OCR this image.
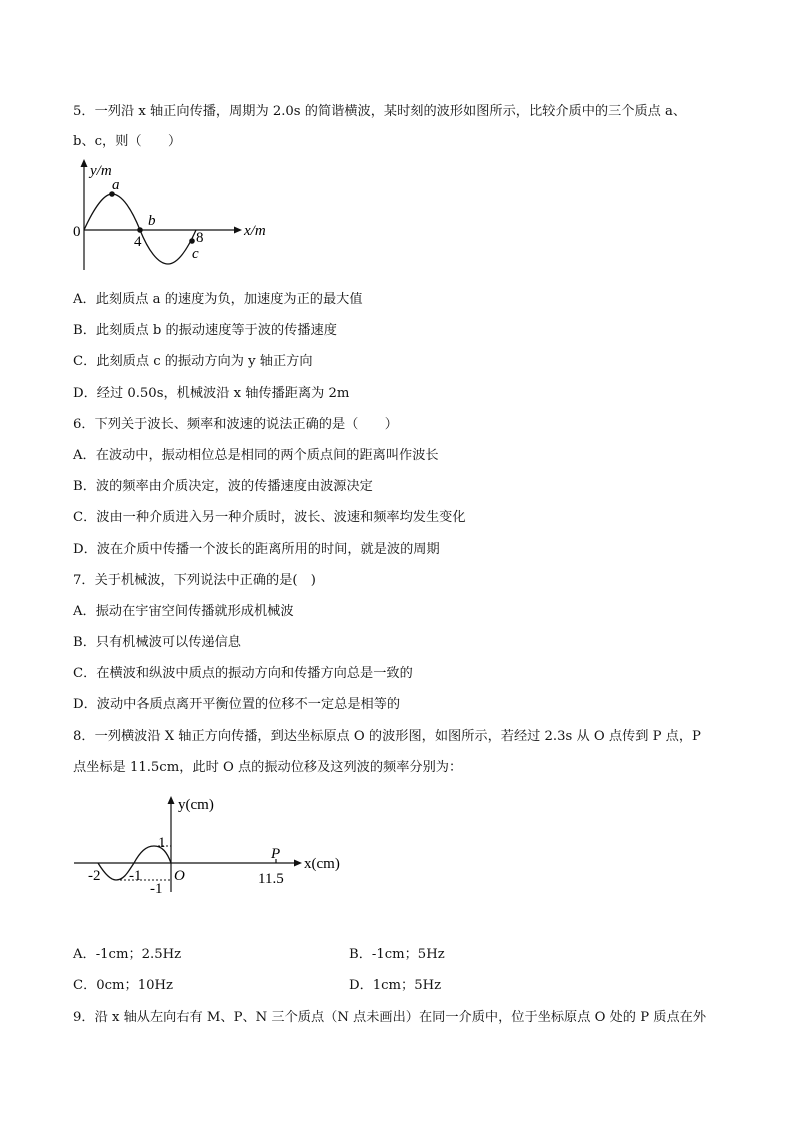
5．一列沿 x 轴正向传播，周期为 2.0s 的简谐横波，某时刻的波形如图所示，比较介质中的三个质点 a、
b、c，则（　　）
y/m
a
b
c
0
4	8	x/m
A．此刻质点 a 的速度为负，加速度为正的最大值
B．此刻质点 b 的振动速度等于波的传播速度
C．此刻质点 c 的振动方向为 y 轴正方向
D．经过 0.50s，机械波沿 x 轴传播距离为 2m
6．下列关于波长、频率和波速的说法正确的是（　　）
A．在波动中，振动相位总是相同的两个质点间的距离叫作波长
B．波的频率由介质决定，波的传播速度由波源决定
C．波由一种介质进入另一种介质时，波长、波速和频率均发生变化
D．波在介质中传播一个波长的距离所用的时间，就是波的周期
7．关于机械波，下列说法中正确的是(　)
A．振动在宇宙空间传播就形成机械波
B．只有机械波可以传递信息
C．在横波和纵波中质点的振动方向和传播方向总是一致的
D．波动中各质点离开平衡位置的位移不一定总是相等的
8．一列横波沿 X 轴正方向传播，到达坐标原点 O 的波形图，如图所示，若经过 2.3s 从 O 点传到 P 点，P
点坐标是 11.5cm，此时 O 点的振动位移及这列波的频率分别为：
y(cm)
1
-1
O
-2 -1
P
11.5
x(cm)
A．-1cm；2.5Hz	B．-1cm；5Hz
C．0cm；10Hz	D．1cm；5Hz
9．沿 x 轴从左向右有 M、P、N 三个质点（N 点未画出）在同一介质中，位于坐标原点 O 处的 P 质点在外
